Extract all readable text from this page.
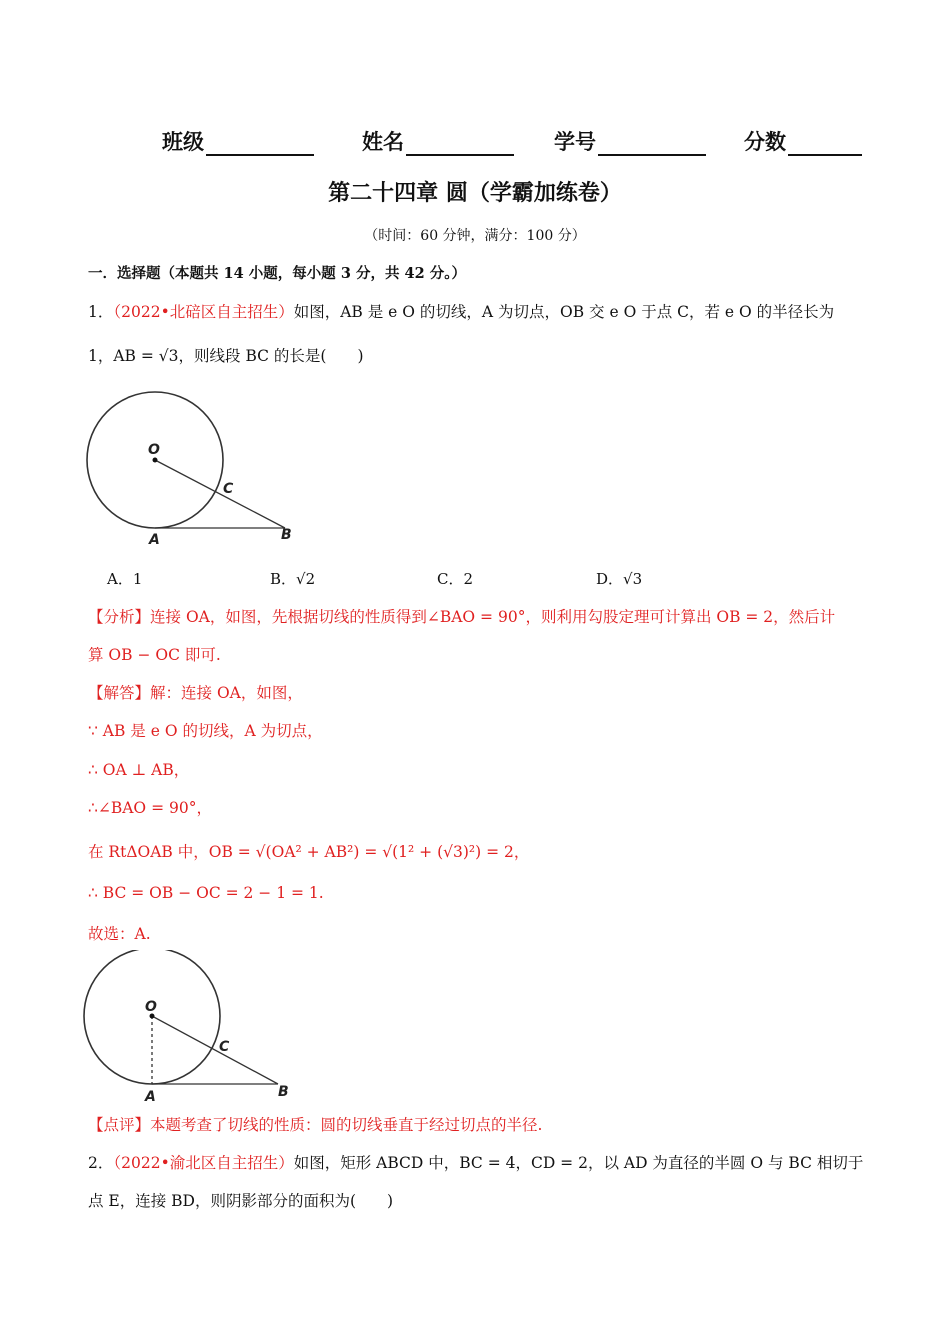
班级	姓名	学号	分数
第二十四章 圆（学霸加练卷）
（时间：60 分钟，满分：100 分）
一．选择题（本题共 14 小题，每小题 3 分，共 42 分。）
1．（2022•北碚区自主招生）如图，AB 是 e O 的切线，A 为切点，OB 交 e O 于点 C，若 e O 的半径长为
1，AB = √3，则线段 BC 的长是(　　)
O
C
A	B
A．1	B．√2	C．2	D．√3
【分析】连接 OA，如图，先根据切线的性质得到∠BAO = 90°，则利用勾股定理可计算出 OB = 2，然后计
算 OB − OC 即可.
【解答】解：连接 OA，如图，
∵ AB 是 e O 的切线，A 为切点，
∴ OA ⊥ AB，
∴∠BAO = 90°，
在 RtΔOAB 中，OB = √(OA² + AB²) = √(1² + (√3)²) = 2，
∴ BC = OB − OC = 2 − 1 = 1.
故选：A.
O
C
A	B
【点评】本题考查了切线的性质：圆的切线垂直于经过切点的半径.
2．（2022•渝北区自主招生）如图，矩形 ABCD 中，BC = 4，CD = 2，以 AD 为直径的半圆 O 与 BC 相切于
点 E，连接 BD，则阴影部分的面积为(　　)
